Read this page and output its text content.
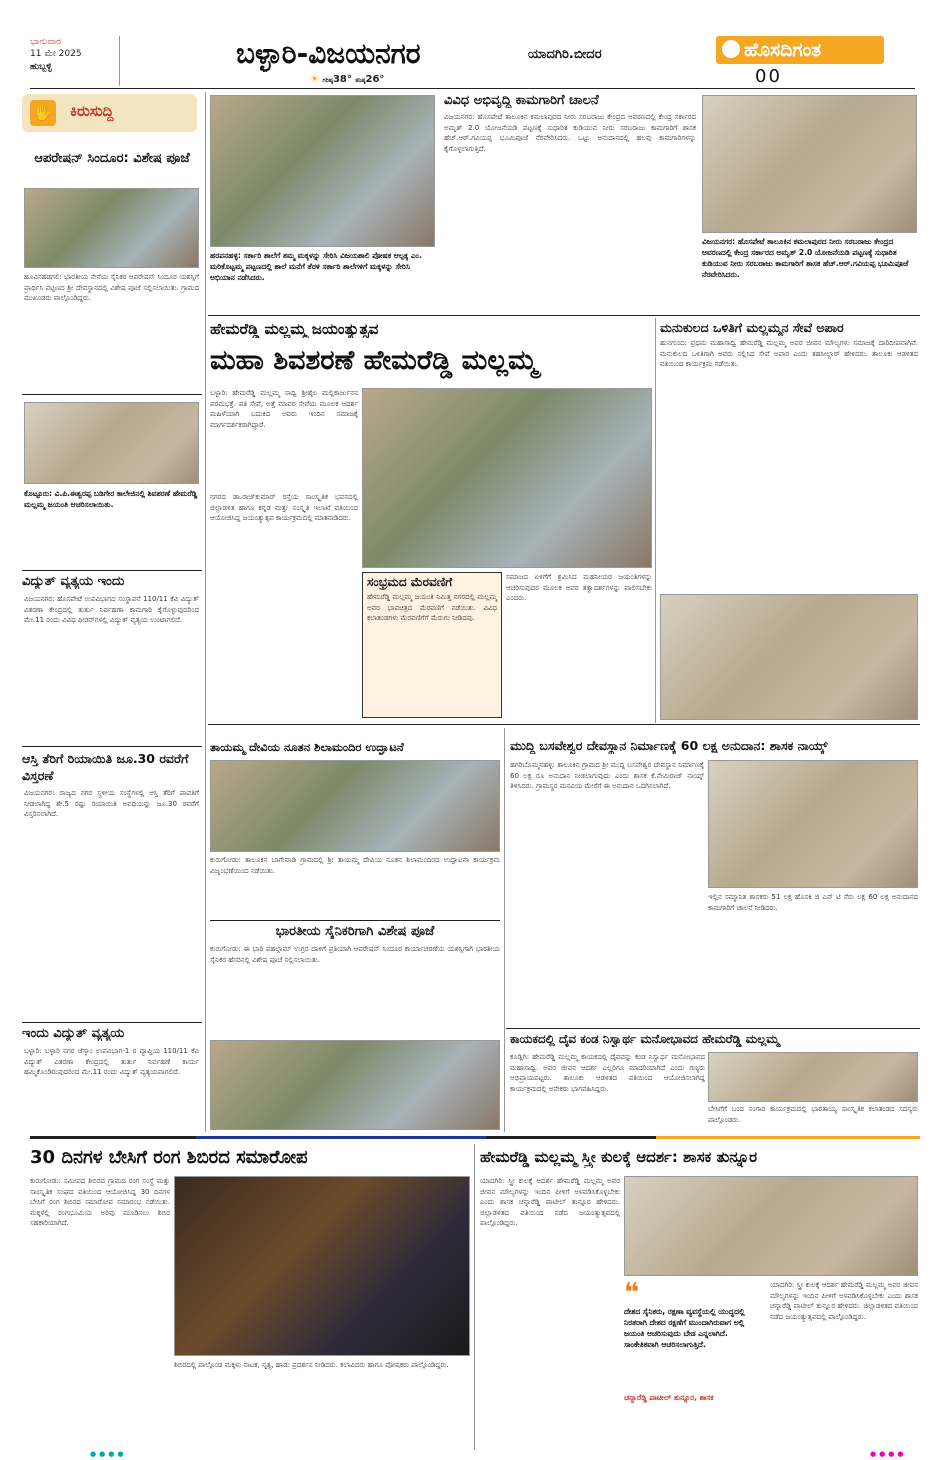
ಭಾನುವಾರ
11 ಮೇ 2025
ಹುಬ್ಬಳ್ಳಿ	ಬಳ್ಳಾರಿ-ವಿಜಯನಗರ	ಯಾದಗಿರಿ.ಬೀದರ
☀ ಗರಿಷ್ಠ38° ಕನಿಷ್ಠ26°
ಹೊಸದಿಗಂತ
00
✋ ಕಿರುಸುದ್ದಿ
ಆಪರೇಷನ್ ಸಿಂದೂರ: ವಿಶೇಷ ಪೂಜೆ
ಹೂವಿನಹಡಗಲಿ: ಭಾರತೀಯ ಸೇನೆಯ ಸೈನಿಕರ ಆಪರೇಷನ್ ಸಿಂದೂರ ಯಶಸ್ಸಿಗೆ ಪ್ರಾರ್ಥಿಸಿ ಪಟ್ಟಣದ ಶ್ರೀ ದೇವಸ್ಥಾನದಲ್ಲಿ ವಿಶೇಷ ಪೂಜೆ ಸಲ್ಲಿಸಲಾಯಿತು. ಗ್ರಾಮದ ಮುಖಂಡರು ಪಾಲ್ಗೊಂಡಿದ್ದರು.
ಕೊಟ್ಟೂರು: ವಿ.ಪಿ.ಈಶ್ವರಪ್ಪ ಬಡಿಗೇರ ಕಾಲೇಜಿನಲ್ಲಿ ಶಿವಶರಣೆ ಹೇಮರೆಡ್ಡಿ ಮಲ್ಲಮ್ಮ ಜಯಂತಿ ಆಚರಿಸಲಾಯಿತು.
ವಿದ್ಯುತ್ ವ್ಯತ್ಯಯ ಇಂದು
ವಿಜಯನಗರ: ಹೊಸಪೇಟೆ ಉಪವಿಭಾಗದ ಸಂಸ್ಥಾಪನೆ 110/11 ಕೆವಿ ವಿದ್ಯುತ್ ವಿತರಣಾ ಕೇಂದ್ರದಲ್ಲಿ ತುರ್ತು ನಿರ್ವಹಣಾ ಕಾಮಗಾರಿ ಕೈಗೊಳ್ಳುವುದರಿಂದ ಮೇ.11 ರಂದು ವಿವಿಧ ಫೀಡರ್‌ಗಳಲ್ಲಿ ವಿದ್ಯುತ್ ವ್ಯತ್ಯಯ ಉಂಟಾಗಲಿದೆ.
ಆಸ್ತಿ ತೆರಿಗೆ ರಿಯಾಯಿತಿ ಜೂ.30 ರವರೆಗೆ ವಿಸ್ತರಣೆ
ವಿಜಯನಗರ: ರಾಜ್ಯದ ನಗರ ಸ್ಥಳೀಯ ಸಂಸ್ಥೆಗಳಲ್ಲಿ ಆಸ್ತಿ ತೆರಿಗೆ ಪಾವತಿಗೆ ನೀಡಲಾಗಿದ್ದ ಶೇ.5 ರಷ್ಟು ರಿಯಾಯಿತಿ ಅವಧಿಯನ್ನು ಜೂ.30 ರವರೆಗೆ ವಿಸ್ತರಿಸಲಾಗಿದೆ.
ಇಂದು ವಿದ್ಯುತ್ ವ್ಯತ್ಯಯ
ಬಳ್ಳಾರಿ: ಬಳ್ಳಾರಿ ನಗರ ಜೆಸ್ಕಾಂ ಉಪವಿಭಾಗ-1 ರ ವ್ಯಾಪ್ತಿಯ 110/11 ಕೆವಿ ವಿದ್ಯುತ್ ವಿತರಣಾ ಕೇಂದ್ರದಲ್ಲಿ ತುರ್ತು ನಿರ್ವಹಣೆ ಕಾರ್ಯ ಹಮ್ಮಿಕೊಂಡಿರುವುದರಿಂದ ಮೇ.11 ರಂದು ವಿದ್ಯುತ್ ವ್ಯತ್ಯಯವಾಗಲಿದೆ.
ಹರಪನಹಳ್ಳಿ: ಸರ್ಕಾರಿ ಶಾಲೆಗೆ ತಮ್ಮ ಮಕ್ಕಳನ್ನು ಸೇರಿಸಿ ವಿಜಯಶಾಲಿ ಪೋಷಕ ಆಲ್ಪಕ್ಕ ಎಂ. ಮರಿಕೊಟ್ಟಮ್ಮ ಪಟ್ಟಣದಲ್ಲಿ ಶಾಲೆ ಮನೆಗೆ ತೆರಳಿ ಸರ್ಕಾರಿ ಶಾಲೆಗಳಿಗೆ ಮಕ್ಕಳನ್ನು ಸೇರಿಸಿ ಅಭಿಯಾನ ನಡೆಸಿದರು.
ವಿವಿಧ ಅಭಿವೃದ್ಧಿ ಕಾಮಗಾರಿಗೆ ಚಾಲನೆ
ವಿಜಯನಗರ: ಹೊಸಪೇಟೆ ತಾಲೂಕಿನ ಕಮಲಾಪುರದ ನೀರು ಸರಬರಾಜು ಕೇಂದ್ರದ ಆವರಣದಲ್ಲಿ ಕೇಂದ್ರ ಸರ್ಕಾರದ ಅಮೃತ್ 2.0 ಯೋಜನೆಯಡಿ ಪಟ್ಟಣಕ್ಕೆ ಸುಧಾರಿತ ಕುಡಿಯುವ ನೀರು ಸರಬರಾಜು ಕಾಮಗಾರಿಗೆ ಶಾಸಕ ಹೆಚ್.ಆರ್.ಗವಿಯಪ್ಪ ಭೂಮಿಪೂಜೆ ನೆರವೇರಿಸಿದರು. ಒಟ್ಟು ಅನುದಾನದಲ್ಲಿ ಹಲವು ಕಾಮಗಾರಿಗಳನ್ನು ಕೈಗೊಳ್ಳಲಾಗುತ್ತಿದೆ.
ವಿಜಯನಗರ: ಹೊಸಪೇಟೆ ತಾಲೂಕಿನ ಕಮಲಾಪುರದ ನೀರು ಸರಬರಾಜು ಕೇಂದ್ರದ ಆವರಣದಲ್ಲಿ ಕೇಂದ್ರ ಸರ್ಕಾರದ ಅಮೃತ್ 2.0 ಯೋಜನೆಯಡಿ ಪಟ್ಟಣಕ್ಕೆ ಸುಧಾರಿತ ಕುಡಿಯುವ ನೀರು ಸರಬರಾಜು ಕಾಮಗಾರಿಗೆ ಶಾಸಕ ಹೆಚ್.ಆರ್.ಗವಿಯಪ್ಪ ಭೂಮಿಪೂಜೆ ನೆರವೇರಿಸಿದರು.
ಹೇಮರೆಡ್ಡಿ ಮಲ್ಲಮ್ಮ ಜಯಂತ್ಯುತ್ಸವ
ಮಹಾ ಶಿವಶರಣೆ ಹೇಮರೆಡ್ಡಿ ಮಲ್ಲಮ್ಮ
ಬಳ್ಳಾರಿ: ಹೇಮರೆಡ್ಡಿ ಮಲ್ಲಮ್ಮ ಸಾಧ್ವಿ ಶ್ರೀಶೈಲ ಮಲ್ಲಿಕಾರ್ಜುನನ ಪರಮಭಕ್ತೆ. ಪತಿ ಸೇವೆ, ಅತ್ತೆ ಮಾವರ ಸೇವೆಯ ಮೂಲಕ ಆದರ್ಶ ಮಹಿಳೆಯಾಗಿ ಬದುಕಿದ ಅವರು ಇಂದಿನ ಸಮಾಜಕ್ಕೆ ಮಾರ್ಗದರ್ಶಕರಾಗಿದ್ದಾರೆ.
ನಗರದ ಡಾ.ರಾಜ್‌ಕುಮಾರ್ ರಸ್ತೆಯ ಸಾಂಸ್ಕೃತಿಕ ಭವನದಲ್ಲಿ ಜಿಲ್ಲಾಡಳಿತ ಹಾಗೂ ಕನ್ನಡ ಮತ್ತು ಸಂಸ್ಕೃತಿ ಇಲಾಖೆ ವತಿಯಿಂದ ಆಯೋಜಿಸಿದ್ದ ಜಯಂತ್ಯುತ್ಸವ ಕಾರ್ಯಕ್ರಮದಲ್ಲಿ ಮಾತನಾಡಿದರು.
ಸಂಭ್ರಮದ ಮೆರವಣಿಗೆ
ಹೇಮರೆಡ್ಡಿ ಮಲ್ಲಮ್ಮ ಜಯಂತಿ ನಿಮಿತ್ತ ನಗರದಲ್ಲಿ ಮಲ್ಲಮ್ಮ ಅವರ ಭಾವಚಿತ್ರದ ಮೆರವಣಿಗೆ ನಡೆಯಿತು. ವಿವಿಧ ಕಲಾತಂಡಗಳು ಮೆರವಣಿಗೆಗೆ ಮೆರುಗು ನೀಡಿದವು.
ಸಮಾಜದ ಏಳಿಗೆಗೆ ಶ್ರಮಿಸಿದ ಮಹನೀಯರ ಜಯಂತಿಗಳನ್ನು ಆಚರಿಸುವುದರ ಮೂಲಕ ಅವರ ತತ್ವಾದರ್ಶಗಳನ್ನು ಪಾಲಿಸಬೇಕು ಎಂದರು.
ಮನುಕುಲದ ಒಳಿತಿಗೆ ಮಲ್ಲಮ್ಮನ ಸೇವೆ ಅಪಾರ
ಹುನಗುಂದ: ಪ್ರಥಮ ಮಹಾಸಾಧ್ವಿ ಹೇಮರೆಡ್ಡಿ ಮಲ್ಲಮ್ಮ ಅವರ ಜೀವನ ಮೌಲ್ಯಗಳು ಸಮಾಜಕ್ಕೆ ದಾರಿದೀಪವಾಗಿವೆ. ಮನುಕುಲದ ಒಳಿತಿಗಾಗಿ ಅವರು ಸಲ್ಲಿಸಿದ ಸೇವೆ ಅಪಾರ ಎಂದು ತಹಸೀಲ್ದಾರ್ ಹೇಳಿದರು. ತಾಲೂಕು ಆಡಳಿತದ ವತಿಯಿಂದ ಕಾರ್ಯಕ್ರಮ ನಡೆಯಿತು.
ತಾಯಮ್ಮ ದೇವಿಯ ನೂತನ ಶಿಲಾಮಂದಿರ ಉದ್ಘಾಟನೆ
ಕುರುಗೋಡು: ತಾಲೂಕಿನ ಬಾಗೇವಾಡಿ ಗ್ರಾಮದಲ್ಲಿ ಶ್ರೀ ತಾಯಮ್ಮ ದೇವಿಯ ನೂತನ ಶಿಲಾಮಂದಿರದ ಉದ್ಘಾಟನಾ ಕಾರ್ಯಕ್ರಮ ವಿಜೃಂಭಣೆಯಿಂದ ನಡೆಯಿತು.
ಭಾರತೀಯ ಸೈನಿಕರಿಗಾಗಿ ವಿಶೇಷ ಪೂಜೆ
ಕುರುಗೋಡು: ಈ ಭಾರಿ ಪಹಲ್ಗಾಮ್ ಉಗ್ರರ ದಾಳಿಗೆ ಪ್ರತಿಯಾಗಿ ಆಪರೇಷನ್ ಸಿಂದೂರ ಕಾರ್ಯಾಚರಣೆಯ ಯಶಸ್ಸಿಗಾಗಿ ಭಾರತೀಯ ಸೈನಿಕರ ಹೆಸರಿನಲ್ಲಿ ವಿಶೇಷ ಪೂಜೆ ಸಲ್ಲಿಸಲಾಯಿತು.
ಮುದ್ದಿ ಬಸವೇಶ್ವರ ದೇವಸ್ಥಾನ ನಿರ್ಮಾಣಕ್ಕೆ 60 ಲಕ್ಷ ಅನುದಾನ: ಶಾಸಕ ನಾಯ್ಕ್
ಹಗರಿಬೊಮ್ಮನಹಳ್ಳಿ: ತಾಲೂಕಿನ ಗ್ರಾಮದ ಶ್ರೀ ಮುದ್ದಿ ಬಸವೇಶ್ವರ ದೇವಸ್ಥಾನ ನಿರ್ಮಾಣಕ್ಕೆ 60 ಲಕ್ಷ ರೂ ಅನುದಾನ ನೀಡಲಾಗುವುದು ಎಂದು ಶಾಸಕ ಕೆ.ನೇಮಿರಾಜ್ ನಾಯ್ಕ್ ತಿಳಿಸಿದರು. ಗ್ರಾಮಸ್ಥರ ಮನವಿಯ ಮೇರೆಗೆ ಈ ಅನುದಾನ ಒದಗಿಸಲಾಗಿದೆ.
ಇಲ್ಲಿನ ಸಮ್ಮಾನಿತ ಶಾಸಕರು 51 ಲಕ್ಷ ಹೊಸಕಿ ಜಿ ಎನ್ ಟಿ ನೆರು ಲಕ್ಷ 60 ಲಕ್ಷ ಅನುದಾನದ ಕಾಮಗಾರಿಗೆ ಚಾಲನೆ ನೀಡಿದರು.
ಕಾಯಕದಲ್ಲಿ ದೈವ ಕಂಡ ನಿಸ್ವಾರ್ಥ ಮನೋಭಾವದ ಹೇಮರೆಡ್ಡಿ ಮಲ್ಲಮ್ಮ
ಕೂಡ್ಲಿಗಿ: ಹೇಮರೆಡ್ಡಿ ಮಲ್ಲಮ್ಮ ಕಾಯಕದಲ್ಲಿ ದೈವವನ್ನು ಕಂಡ ನಿಸ್ವಾರ್ಥ ಮನೋಭಾವದ ಮಹಾಸಾಧ್ವಿ. ಅವರ ಜೀವನ ಆದರ್ಶ ಎಲ್ಲರಿಗೂ ಮಾದರಿಯಾಗಿದೆ ಎಂದು ಗಣ್ಯರು ಅಭಿಪ್ರಾಯಪಟ್ಟರು. ತಾಲೂಕು ಆಡಳಿತದ ವತಿಯಿಂದ ಆಯೋಜಿಸಲಾಗಿದ್ದ ಕಾರ್ಯಕ್ರಮದಲ್ಲಿ ಅನೇಕರು ಭಾಗವಹಿಸಿದ್ದರು.
ಬೇಸಿಗೆಗೆ ಬಂದ ಸಂಗಾರ ಕಾರ್ಯಕ್ರಮದಲ್ಲಿ ಭಾರತಾಯ್ಯ ಸಾಂಸ್ಕೃತಿಕ ಕಲಾತಂಡದ ಸದಸ್ಯರು ಪಾಲ್ಗೊಂಡರು.
30 ದಿನಗಳ ಬೇಸಿಗೆ ರಂಗ ಶಿಬಿರದ ಸಮಾರೋಪ
ಕುರುಗೋಡು: ಸಮೀಪದ ಶಿಬಿರದ ಗ್ರಾಮದ ರಂಗ ಸಂಸ್ಥೆ ಮತ್ತು ಸಾಂಸ್ಕೃತಿಕ ಸಂಘದ ವತಿಯಿಂದ ಆಯೋಜಿಸಿದ್ದ 30 ದಿನಗಳ ಬೇಸಿಗೆ ರಂಗ ಶಿಬಿರದ ಸಮಾರೋಪ ಸಮಾರಂಭ ನಡೆಯಿತು. ಮಕ್ಕಳಲ್ಲಿ ರಂಗಭೂಮಿಯ ಅರಿವು ಮೂಡಿಸಲು ಶಿಬಿರ ಸಹಕಾರಿಯಾಗಿದೆ.
ಶಿಬಿರದಲ್ಲಿ ಪಾಲ್ಗೊಂಡ ಮಕ್ಕಳು ನಾಟಕ, ನೃತ್ಯ, ಹಾಡು ಪ್ರದರ್ಶನ ನೀಡಿದರು. ಕಲಾವಿದರು ಹಾಗೂ ಪೋಷಕರು ಪಾಲ್ಗೊಂಡಿದ್ದರು.
ಹೇಮರೆಡ್ಡಿ ಮಲ್ಲಮ್ಮ ಸ್ತ್ರೀ ಕುಲಕ್ಕೆ ಆದರ್ಶ: ಶಾಸಕ ತುನ್ನೂರ
ಯಾದಗಿರಿ: ಸ್ತ್ರೀ ಕುಲಕ್ಕೆ ಆದರ್ಶ ಹೇಮರೆಡ್ಡಿ ಮಲ್ಲಮ್ಮ ಅವರ ಜೀವನ ಮೌಲ್ಯಗಳನ್ನು ಇಂದಿನ ಪೀಳಿಗೆ ಅಳವಡಿಸಿಕೊಳ್ಳಬೇಕು ಎಂದು ಶಾಸಕ ಚನ್ನಾರೆಡ್ಡಿ ಪಾಟೀಲ್ ತುನ್ನೂರ ಹೇಳಿದರು. ಜಿಲ್ಲಾಡಳಿತದ ವತಿಯಿಂದ ನಡೆದ ಜಯಂತ್ಯುತ್ಸವದಲ್ಲಿ ಪಾಲ್ಗೊಂಡಿದ್ದರು.
❝
ದೇಶದ ಸೈನಿಕರು, ರಕ್ಷಣಾ ವ್ಯವಸ್ಥೆಯಲ್ಲಿ ಯುದ್ಧದಲ್ಲಿ ನಿರತರಾಗಿ ದೇಶದ ರಕ್ಷಣೆಗೆ ಮುಂದಾಗಿರುವಾಗ ಅಲ್ಲಿ ಜಯಂತಿ ಆಚರಿಸುವುದು ಬೇಡ ಎನ್ನಲಾಗಿದೆ. ಸಾಂಕೇತಿಕವಾಗಿ ಆಚರಿಸಲಾಗುತ್ತಿದೆ.
ಚನ್ನಾರೆಡ್ಡಿ ಪಾಟೀಲ್ ತುನ್ನೂರ, ಶಾಸಕ
ಯಾದಗಿರಿ: ಸ್ತ್ರೀ ಕುಲಕ್ಕೆ ಆದರ್ಶ ಹೇಮರೆಡ್ಡಿ ಮಲ್ಲಮ್ಮ ಅವರ ಜೀವನ ಮೌಲ್ಯಗಳನ್ನು ಇಂದಿನ ಪೀಳಿಗೆ ಅಳವಡಿಸಿಕೊಳ್ಳಬೇಕು ಎಂದು ಶಾಸಕ ಚನ್ನಾರೆಡ್ಡಿ ಪಾಟೀಲ್ ತುನ್ನೂರ ಹೇಳಿದರು. ಜಿಲ್ಲಾಡಳಿತದ ವತಿಯಿಂದ ನಡೆದ ಜಯಂತ್ಯುತ್ಸವದಲ್ಲಿ ಪಾಲ್ಗೊಂಡಿದ್ದರು.
●●●●	●●●●
